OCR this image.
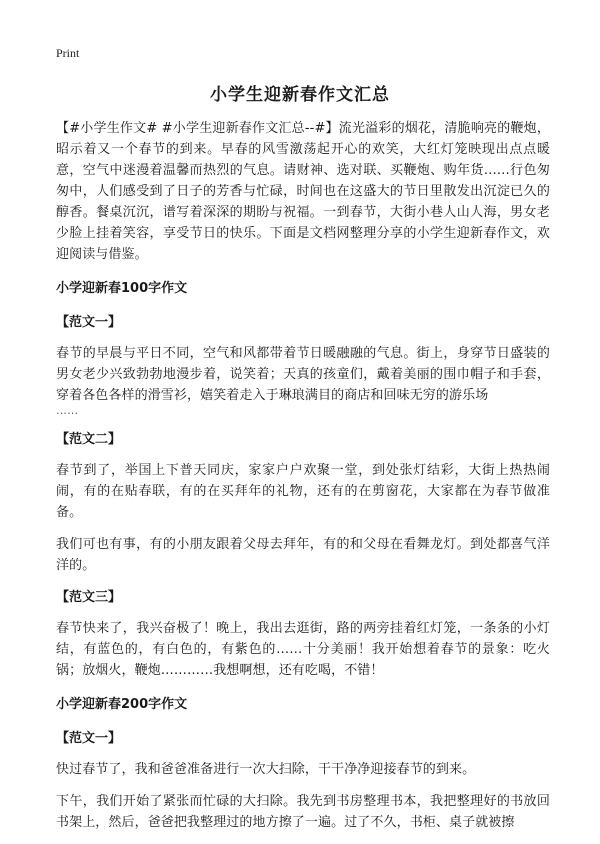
Print
小学生迎新春作文汇总

【#小学生作文# #小学生迎新春作文汇总--#】流光溢彩的烟花，清脆响亮的鞭炮，昭示着又一个春节的到来。早春的风雪激荡起开心的欢笑，大红灯笼映现出点点暖意，空气中迷漫着温馨而热烈的气息。请财神、选对联、买鞭炮、购年货……行色匆匆中，人们感受到了日子的芳香与忙碌，时间也在这盛大的节日里散发出沉淀已久的醇香。餐桌沉沉，谱写着深深的期盼与祝福。一到春节，大街小巷人山人海，男女老少脸上挂着笑容，享受节日的快乐。下面是文档网整理分享的小学生迎新春作文，欢迎阅读与借鉴。

小学迎新春100字作文
【范文一】

春节的早晨与平日不同，空气和风都带着节日暖融融的气息。街上，身穿节日盛装的男女老少兴致勃勃地漫步着，说笑着；天真的孩童们，戴着美丽的围巾帽子和手套，穿着各色各样的滑雪衫，嬉笑着走入于琳琅满目的商店和回味无穷的游乐场
……

【范文二】

春节到了，举国上下普天同庆，家家户户欢聚一堂，到处张灯结彩，大街上热热闹闹，有的在贴春联，有的在买拜年的礼物，还有的在剪窗花，大家都在为春节做准备。

我们可也有事，有的小朋友跟着父母去拜年，有的和父母在看舞龙灯。到处都喜气洋洋的。

【范文三】

春节快来了，我兴奋极了！晚上，我出去逛街，路的两旁挂着红灯笼，一条条的小灯结，有蓝色的，有白色的，有紫色的……十分美丽！我开始想着春节的景象：吃火锅；放烟火，鞭炮…………我想啊想，还有吃喝，不错！

小学迎新春200字作文
【范文一】

快过春节了，我和爸爸准备进行一次大扫除，干干净净迎接春节的到来。

下午，我们开始了紧张而忙碌的大扫除。我先到书房整理书本，我把整理好的书放回书架上，然后，爸爸把我整理过的地方擦了一遍。过了不久，书柜、桌子就被擦
